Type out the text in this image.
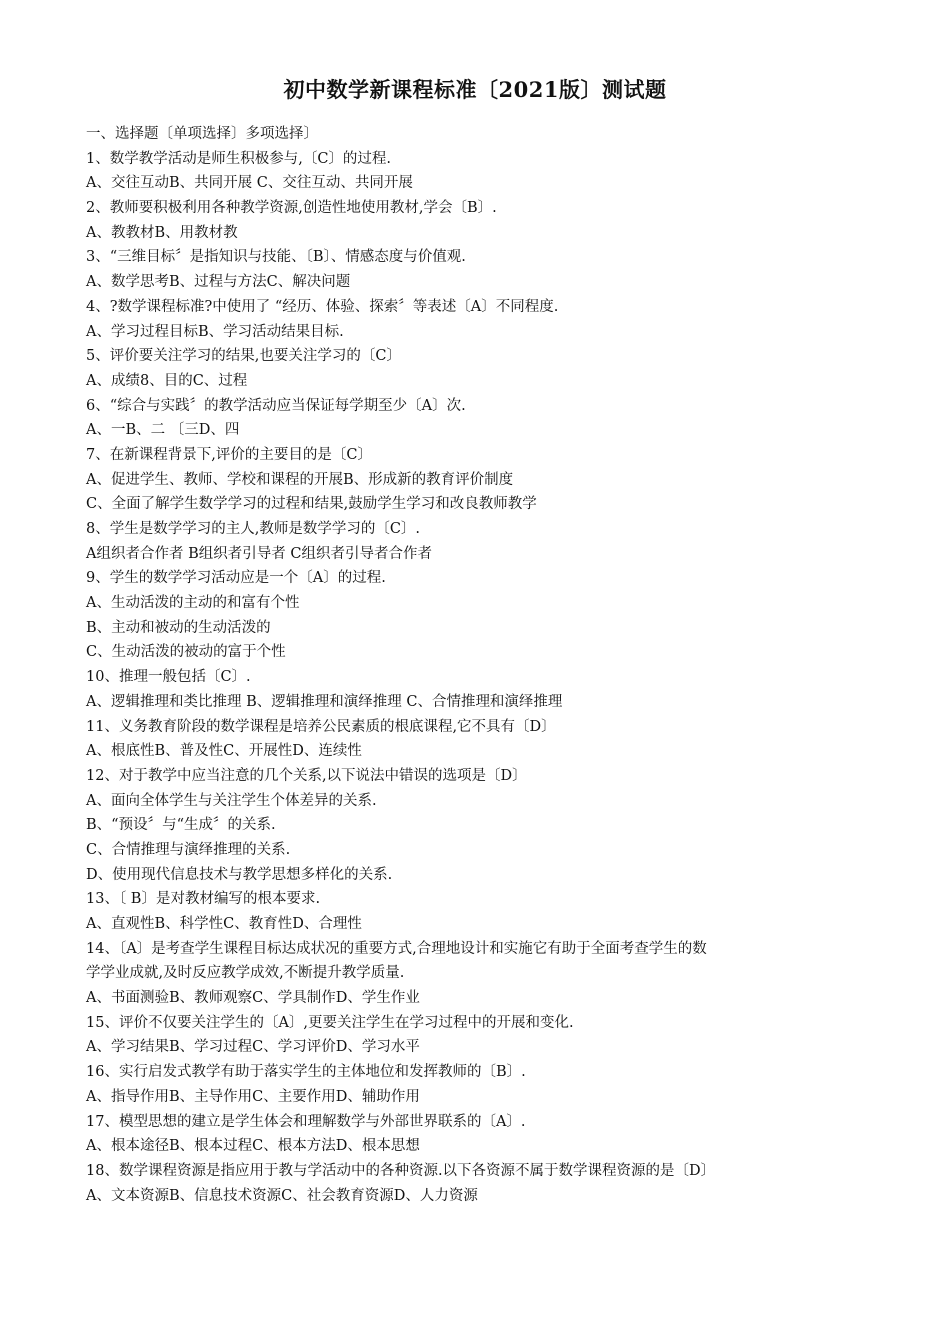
初中数学新课程标准〔2021版〕测试题
一、选择题〔单项选择〕多项选择〕
1、数学教学活动是师生积极参与,〔C〕的过程.
A、交往互动B、共同开展 C、交往互动、共同开展
2、教师要积极利用各种教学资源,创造性地使用教材,学会〔B〕.
A、教教材B、用教材教
3、“三维目标〞是指知识与技能、〔B〕、情感态度与价值观.
A、数学思考B、过程与方法C、解决问题
4、?数学课程标准?中使用了 “经历、体验、探索〞等表述〔A〕不同程度.
A、学习过程目标B、学习活动结果目标.
5、评价要关注学习的结果,也要关注学习的〔C〕
A、成绩8、目的C、过程
6、“综合与实践〞的教学活动应当保证每学期至少〔A〕次.
A、一B、二 〔三D、四
7、在新课程背景下,评价的主要目的是〔C〕
A、促进学生、教师、学校和课程的开展B、形成新的教育评价制度
C、全面了解学生数学学习的过程和结果,鼓励学生学习和改良教师教学
8、学生是数学学习的主人,教师是数学学习的〔C〕.
A组织者合作者 B组织者引导者 C组织者引导者合作者
9、学生的数学学习活动应是一个〔A〕的过程.
A、生动活泼的主动的和富有个性
B、主动和被动的生动活泼的
C、生动活泼的被动的富于个性
10、推理一般包括〔C〕.
A、逻辑推理和类比推理 B、逻辑推理和演绎推理 C、合情推理和演绎推理
11、义务教育阶段的数学课程是培养公民素质的根底课程,它不具有〔D〕
A、根底性B、普及性C、开展性D、连续性
12、对于教学中应当注意的几个关系,以下说法中错误的选项是〔D〕
A、面向全体学生与关注学生个体差异的关系.
B、“预设〞与“生成〞的关系.
C、合情推理与演绎推理的关系.
D、使用现代信息技术与教学思想多样化的关系.
13、〔 B〕是对教材编写的根本要求.
A、直观性B、科学性C、教育性D、合理性
14、〔A〕是考查学生课程目标达成状况的重要方式,合理地设计和实施它有助于全面考查学生的数
学学业成就,及时反应教学成效,不断提升教学质量.
A、书面测验B、教师观察C、学具制作D、学生作业
15、评价不仅要关注学生的〔A〕,更要关注学生在学习过程中的开展和变化.
A、学习结果B、学习过程C、学习评价D、学习水平
16、实行启发式教学有助于落实学生的主体地位和发挥教师的〔B〕.
A、指导作用B、主导作用C、主要作用D、辅助作用
17、模型思想的建立是学生体会和理解数学与外部世界联系的〔A〕.
A、根本途径B、根本过程C、根本方法D、根本思想
18、数学课程资源是指应用于教与学活动中的各种资源.以下各资源不属于数学课程资源的是〔D〕
A、文本资源B、信息技术资源C、社会教育资源D、人力资源
